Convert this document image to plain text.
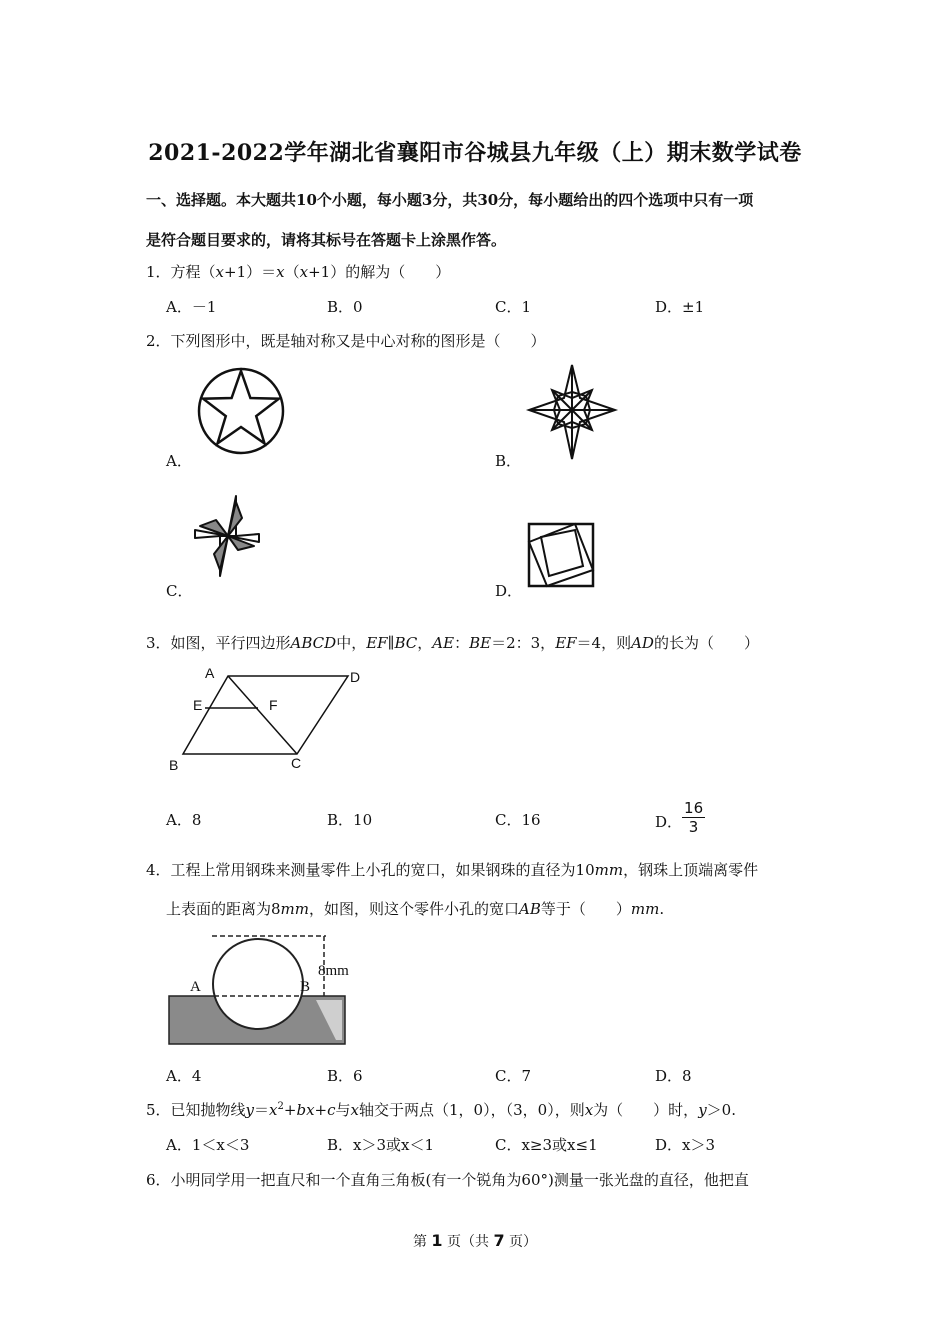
2021-2022学年湖北省襄阳市谷城县九年级（上）期末数学试卷
一、选择题。本大题共10个小题，每小题3分，共30分，每小题给出的四个选项中只有一项
是符合题目要求的，请将其标号在答题卡上涂黑作答。
1．方程（x+1）＝x（x+1）的解为（　　）
A．－1	B．0	C．1	D．±1
2．下列图形中，既是轴对称又是中心对称的图形是（　　）
A．	B．
C．	D．
3．如图，平行四边形ABCD中，EF∥BC，AE：BE＝2：3，EF＝4，则AD的长为（　　）
A	D
E	F
B	C
A．8	B．10	C．16	D． $\frac{16}{3}$
4．工程上常用钢珠来测量零件上小孔的宽口，如果钢珠的直径为10mm，钢珠上顶端离零件
上表面的距离为8mm，如图，则这个零件小孔的宽口AB等于（　　）mm.
A	B
8mm
A．4	B．6	C．7	D．8
5．已知抛物线$y=x^2+bx+c$与x轴交于两点（1，0），（3，0），则x为（　　）时，y＞0.
A．1＜x＜3	B．x＞3或x＜1	C．x≥3或x≤1	D．x＞3
6．小明同学用一把直尺和一个直角三角板(有一个锐角为60°)测量一张光盘的直径，他把直
第 1 页（共 7 页）
